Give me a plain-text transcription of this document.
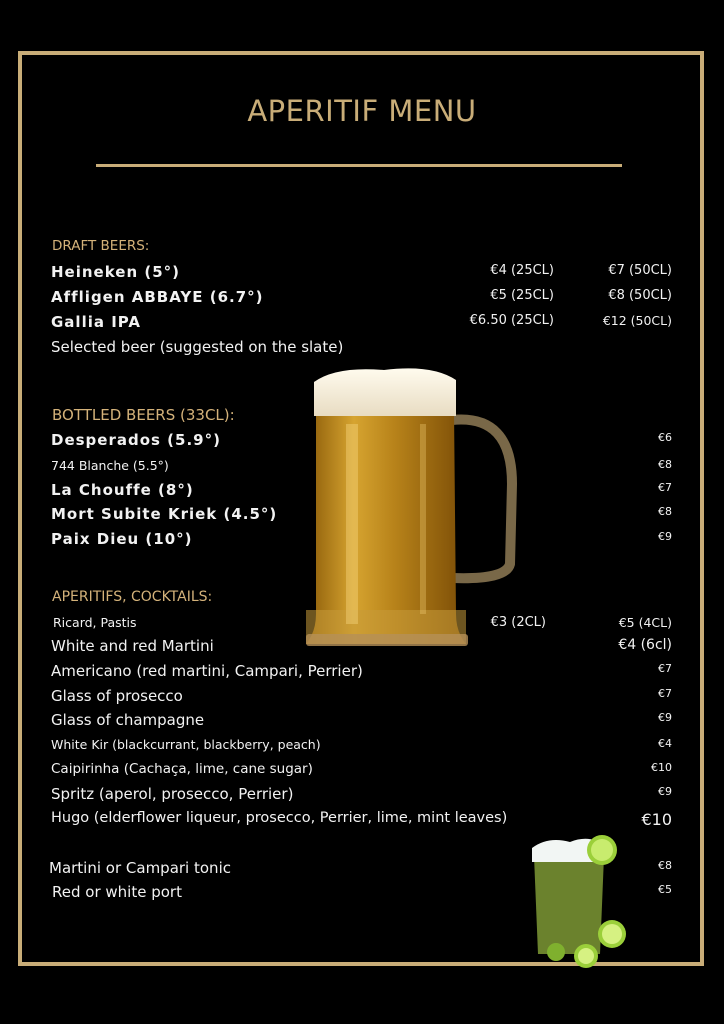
APERITIF MENU
DRAFT BEERS:
Heineken (5°)	€4 (25CL)	€7 (50CL)
Affligen ABBAYE (6.7°)	€5 (25CL)	€8 (50CL)
Gallia IPA	€6.50 (25CL)	€12 (50CL)
Selected beer (suggested on the slate)
BOTTLED BEERS (33CL):
Desperados (5.9°)	€6
744 Blanche (5.5°)	€8
La Chouffe (8°)	€7
Mort Subite Kriek (4.5°)	€8
Paix Dieu (10°)	€9
APERITIFS, COCKTAILS:
Ricard, Pastis	€3 (2CL)	€5 (4CL)
White and red Martini	€4 (6cl)
Americano (red martini, Campari, Perrier)	€7
Glass of prosecco	€7
Glass of champagne	€9
White Kir (blackcurrant, blackberry, peach)	€4
Caipirinha (Cachaça, lime, cane sugar)	€10
Spritz (aperol, prosecco, Perrier)	€9
Hugo (elderflower liqueur, prosecco, Perrier, lime, mint leaves)	€10
Martini or Campari tonic	€8
Red or white port	€5
